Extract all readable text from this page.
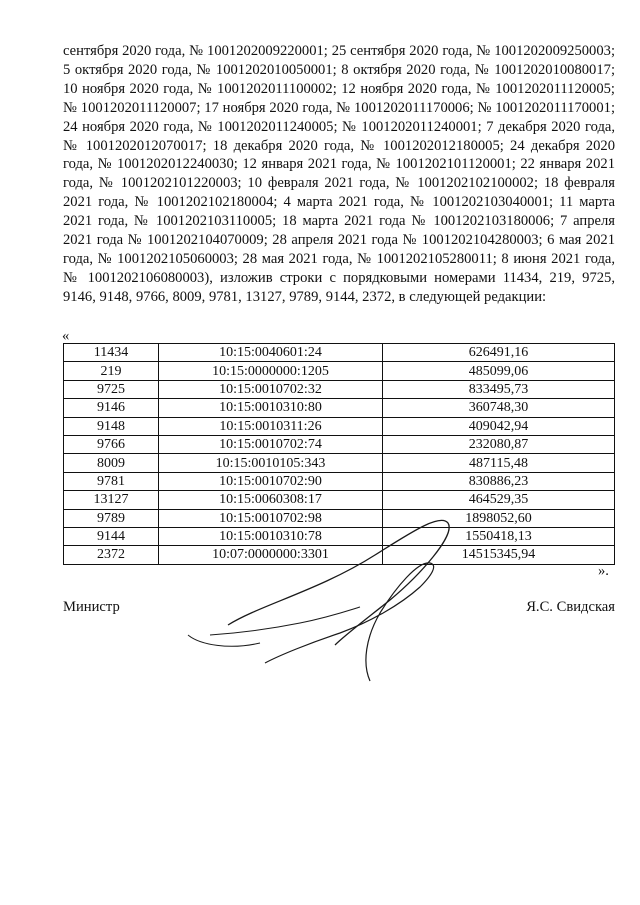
сентября 2020 года, № 1001202009220001; 25 сентября 2020 года, № 1001202009250003; 5 октября 2020 года, № 1001202010050001; 8 октября 2020 года, № 1001202010080017; 10 ноября 2020 года, № 1001202011100002; 12 ноября 2020 года, № 1001202011120005; № 1001202011120007; 17 ноября 2020 года, № 1001202011170006; № 1001202011170001; 24 ноября 2020 года, № 1001202011240005; № 1001202011240001; 7 декабря 2020 года, № 1001202012070017; 18 декабря 2020 года, № 1001202012180005; 24 декабря 2020 года, № 1001202012240030; 12 января 2021 года, № 1001202101120001; 22 января 2021 года, № 1001202101220003; 10 февраля 2021 года, № 1001202102100002; 18 февраля 2021 года, № 1001202102180004; 4 марта 2021 года, № 1001202103040001; 11 марта 2021 года, № 1001202103110005; 18 марта 2021 года № 1001202103180006; 7 апреля 2021 года № 1001202104070009; 28 апреля 2021 года № 1001202104280003; 6 мая 2021 года, № 1001202105060003; 28 мая 2021 года, № 1001202105280011; 8 июня 2021 года, № 1001202106080003), изложив строки с порядковыми номерами 11434, 219, 9725, 9146, 9148, 9766, 8009, 9781, 13127, 9789, 9144, 2372, в следующей редакции:

«
11434	10:15:0040601:24	626491,16
219	10:15:0000000:1205	485099,06
9725	10:15:0010702:32	833495,73
9146	10:15:0010310:80	360748,30
9148	10:15:0010311:26	409042,94
9766	10:15:0010702:74	232080,87
8009	10:15:0010105:343	487115,48
9781	10:15:0010702:90	830886,23
13127	10:15:0060308:17	464529,35
9789	10:15:0010702:98	1898052,60
9144	10:15:0010310:78	1550418,13
2372	10:07:0000000:3301	14515345,94
».
Министр	Я.С. Свидская
